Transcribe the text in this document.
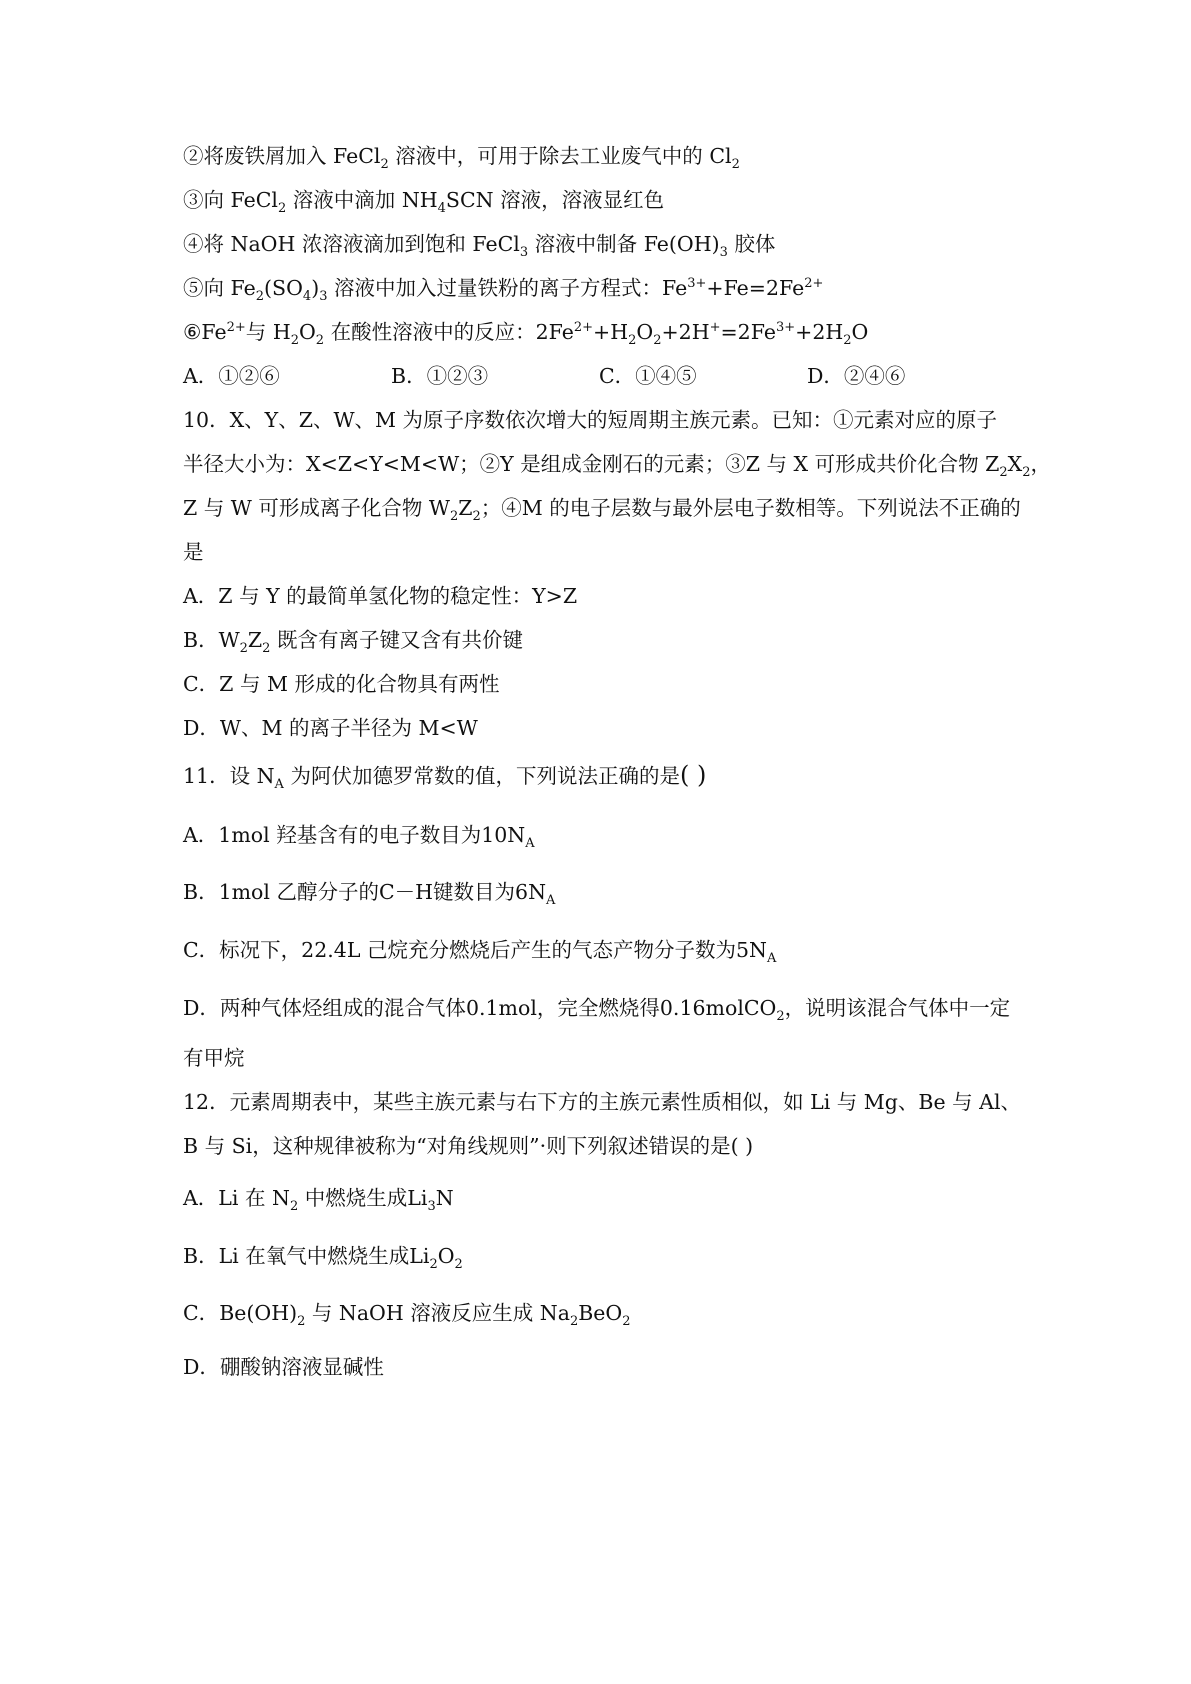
②将废铁屑加入 FeCl$_2$ 溶液中，可用于除去工业废气中的 $Cl_2$
③向 FeCl$_2$ 溶液中滴加 $NH_4SCN$ 溶液，溶液显红色
④将 NaOH 浓溶液滴加到饱和 FeCl$_3$ 溶液中制备 $Fe(OH)_3$ 胶体
⑤向 $Fe_2(SO_4)_3$ 溶液中加入过量铁粉的离子方程式：$Fe^{3+}+Fe=2Fe^{2+}$
$⑥Fe^{2+}$与 $H_2O_2$ 在酸性溶液中的反应：$2Fe^{2+}+H_2O_2+2H^+=2Fe^{3+}+2H_2O$
A．①②⑥	B．①②③	C．①④⑤	D．②④⑥
10．X、Y、Z、W、M 为原子序数依次增大的短周期主族元素。已知：①元素对应的原子
半径大小为：X<Z<Y<M<W；②Y 是组成金刚石的元素；③Z 与 X 可形成共价化合物 $Z_2X_2$，
Z 与 W 可形成离子化合物 $W_2Z_2$；④M 的电子层数与最外层电子数相等。下列说法不正确的
是
A．Z 与 Y 的最简单氢化物的稳定性：Y>Z
B．$W_2Z_2$ 既含有离子键又含有共价键
C．Z 与 M 形成的化合物具有两性
D．W、M 的离子半径为 M<W
11．设 $N_A$ 为阿伏加德罗常数的值，下列说法正确的是( )
A．1mol 羟基含有的电子数目为$10N_A$
B．1mol 乙醇分子的C－H键数目为$6N_A$
C．标况下，22.4L 己烷充分燃烧后产生的气态产物分子数为$5N_A$
D．两种气体烃组成的混合气体0.1mol，完全燃烧得0.16molCO$_2$，说明该混合气体中一定
有甲烷
12．元素周期表中，某些主族元素与右下方的主族元素性质相似，如 Li 与 Mg、Be 与 Al、
B 与 Si，这种规律被称为“对角线规则”·则下列叙述错误的是( )
A．Li 在 $N_2$ 中燃烧生成$Li_3N$
B．Li 在氧气中燃烧生成$Li_2O_2$
C．$Be(OH)_2$ 与 NaOH 溶液反应生成 $Na_2BeO_2$
D．硼酸钠溶液显碱性
